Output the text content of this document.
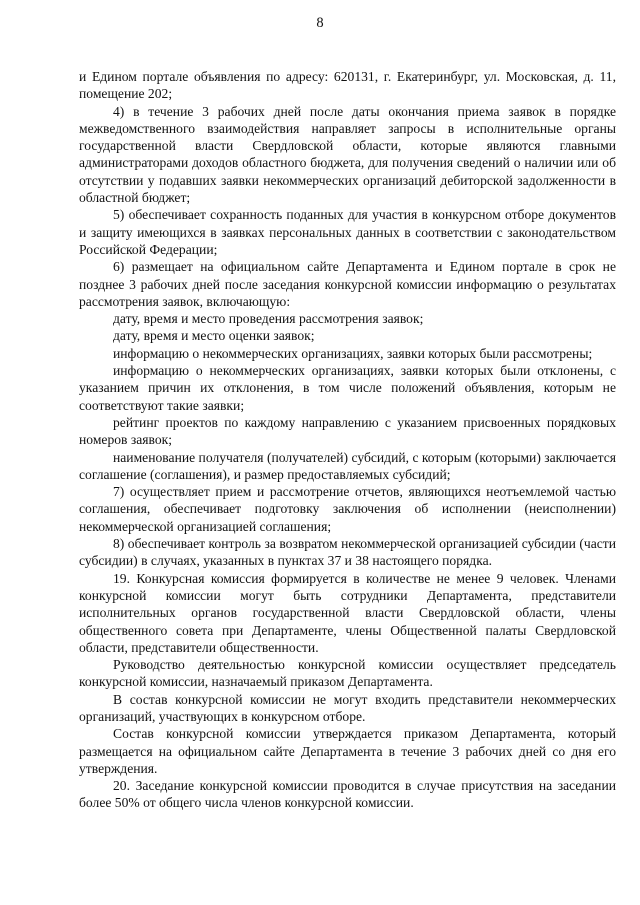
8

и Едином портале объявления по адресу: 620131, г. Екатеринбург, ул. Московская, д. 11, помещение 202;

4) в течение 3 рабочих дней после даты окончания приема заявок в порядке межведомственного взаимодействия направляет запросы в исполнительные органы государственной власти Свердловской области, которые являются главными администраторами доходов областного бюджета, для получения сведений о наличии или об отсутствии у подавших заявки некоммерческих организаций дебиторской задолженности в областной бюджет;

5) обеспечивает сохранность поданных для участия в конкурсном отборе документов и защиту имеющихся в заявках персональных данных в соответствии с законодательством Российской Федерации;

6) размещает на официальном сайте Департамента и Едином портале в срок не позднее 3 рабочих дней после заседания конкурсной комиссии информацию о результатах рассмотрения заявок, включающую:

дату, время и место проведения рассмотрения заявок;

дату, время и место оценки заявок;

информацию о некоммерческих организациях, заявки которых были рассмотрены;

информацию о некоммерческих организациях, заявки которых были отклонены, с указанием причин их отклонения, в том числе положений объявления, которым не соответствуют такие заявки;

рейтинг проектов по каждому направлению с указанием присвоенных порядковых номеров заявок;

наименование получателя (получателей) субсидий, с которым (которыми) заключается соглашение (соглашения), и размер предоставляемых субсидий;

7) осуществляет прием и рассмотрение отчетов, являющихся неотъемлемой частью соглашения, обеспечивает подготовку заключения об исполнении (неисполнении) некоммерческой организацией соглашения;

8) обеспечивает контроль за возвратом некоммерческой организацией субсидии (части субсидии) в случаях, указанных в пунктах 37 и 38 настоящего порядка.

19. Конкурсная комиссия формируется в количестве не менее 9 человек. Членами конкурсной комиссии могут быть сотрудники Департамента, представители исполнительных органов государственной власти Свердловской области, члены общественного совета при Департаменте, члены Общественной палаты Свердловской области, представители общественности.

Руководство деятельностью конкурсной комиссии осуществляет председатель конкурсной комиссии, назначаемый приказом Департамента.

В состав конкурсной комиссии не могут входить представители некоммерческих организаций, участвующих в конкурсном отборе.

Состав конкурсной комиссии утверждается приказом Департамента, который размещается на официальном сайте Департамента в течение 3 рабочих дней со дня его утверждения.

20. Заседание конкурсной комиссии проводится в случае присутствия на заседании более 50% от общего числа членов конкурсной комиссии.
